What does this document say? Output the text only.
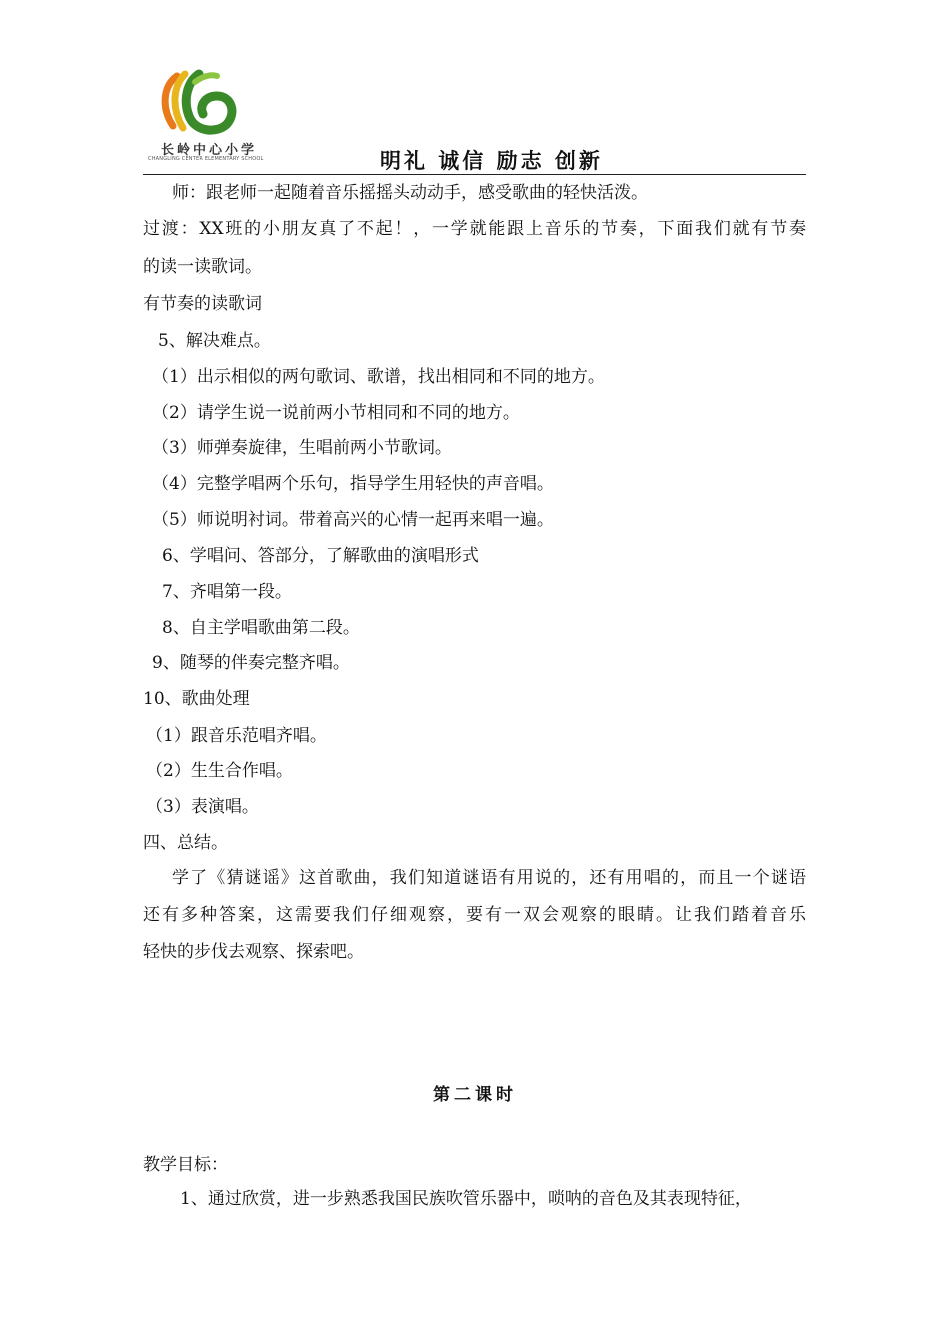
长岭中心小学
CHANGLING CENTER ELEMENTARY SCHOOL	明礼 诚信 励志 创新
师：跟老师一起随着音乐摇摇头动动手，感受歌曲的轻快活泼。
过渡：XX班的小朋友真了不起！，一学就能跟上音乐的节奏，下面我们就有节奏
的读一读歌词。
有节奏的读歌词
5、解决难点。
（1）出示相似的两句歌词、歌谱，找出相同和不同的地方。
（2）请学生说一说前两小节相同和不同的地方。
（3）师弹奏旋律，生唱前两小节歌词。
（4）完整学唱两个乐句，指导学生用轻快的声音唱。
（5）师说明衬词。带着高兴的心情一起再来唱一遍。
6、学唱问、答部分，了解歌曲的演唱形式
7、齐唱第一段。
8、自主学唱歌曲第二段。
9、随琴的伴奏完整齐唱。
10、歌曲处理
（1）跟音乐范唱齐唱。
（2）生生合作唱。
（3）表演唱。
四、总结。
学了《猜谜谣》这首歌曲，我们知道谜语有用说的，还有用唱的，而且一个谜语
还有多种答案，这需要我们仔细观察，要有一双会观察的眼睛。让我们踏着音乐
轻快的步伐去观察、探索吧。
第二课时
教学目标：
1、通过欣赏，进一步熟悉我国民族吹管乐器中，唢呐的音色及其表现特征，
